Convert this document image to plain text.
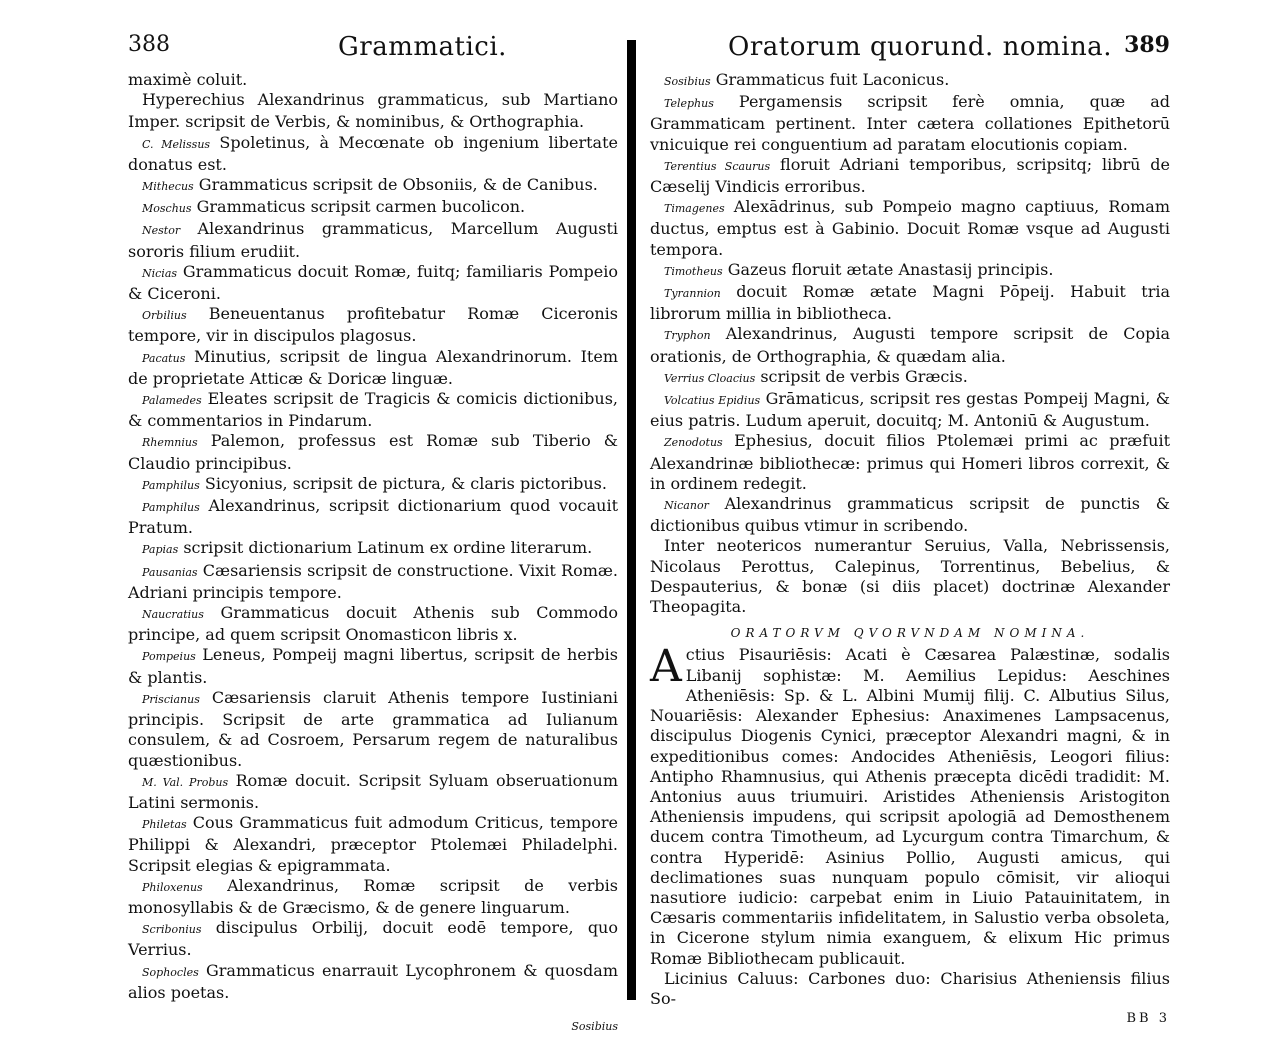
388	Grammatici.

maximè coluit.

Hyperechius Alexandrinus grammaticus, sub Martiano Imper. scripsit de Verbis, & nominibus, & Orthographia.

C. Melissus Spoletinus, à Mecœnate ob ingenium libertate donatus est.

Mithecus Grammaticus scripsit de Obsoniis, & de Canibus.

Moschus Grammaticus scripsit carmen bucolicon.

Nestor Alexandrinus grammaticus, Marcellum Augusti sororis filium erudiit.

Nicias Grammaticus docuit Romæ, fuitq; familiaris Pompeio & Ciceroni.

Orbilius Beneuentanus profitebatur Romæ Ciceronis tempore, vir in discipulos plagosus.

Pacatus Minutius, scripsit de lingua Alexandrinorum. Item de proprietate Atticæ & Doricæ linguæ.

Palamedes Eleates scripsit de Tragicis & comicis dictionibus, & commentarios in Pindarum.

Rhemnius Palemon, professus est Romæ sub Tiberio & Claudio principibus.

Pamphilus Sicyonius, scripsit de pictura, & claris pictoribus.

Pamphilus Alexandrinus, scripsit dictionarium quod vocauit Pratum.

Papias scripsit dictionarium Latinum ex ordine literarum.

Pausanias Cæsariensis scripsit de constructione. Vixit Romæ. Adriani principis tempore.

Naucratius Grammaticus docuit Athenis sub Commodo principe, ad quem scripsit Onomasticon libris x.

Pompeius Leneus, Pompeij magni libertus, scripsit de herbis & plantis.

Priscianus Cæsariensis claruit Athenis tempore Iustiniani principis. Scripsit de arte grammatica ad Iulianum consulem, & ad Cosroem, Persarum regem de naturalibus quæstionibus.

M. Val. Probus Romæ docuit. Scripsit Syluam obseruationum Latini sermonis.

Philetas Cous Grammaticus fuit admodum Criticus, tempore Philippi & Alexandri, præceptor Ptolemæi Philadelphi. Scripsit elegias & epigrammata.

Philoxenus Alexandrinus, Romæ scripsit de verbis monosyllabis & de Græcismo, & de genere linguarum.

Scribonius discipulus Orbilij, docuit eodē tempore, quo Verrius.

Sophocles Grammaticus enarrauit Lycophronem & quosdam alios poetas.

Sosibius
Oratorum quorund. nomina. 389

Sosibius Grammaticus fuit Laconicus.

Telephus Pergamensis scripsit ferè omnia, quæ ad Grammaticam pertinent. Inter cætera collationes Epithetorū vnicuique rei conguentium ad paratam elocutionis copiam.

Terentius Scaurus floruit Adriani temporibus, scripsitq; librū de Cæselij Vindicis erroribus.

Timagenes Alexādrinus, sub Pompeio magno captiuus, Romam ductus, emptus est à Gabinio. Docuit Romæ vsque ad Augusti tempora.

Timotheus Gazeus floruit ætate Anastasij principis.

Tyrannion docuit Romæ ætate Magni Pōpeij. Habuit tria librorum millia in bibliotheca.

Tryphon Alexandrinus, Augusti tempore scripsit de Copia orationis, de Orthographia, & quædam alia.

Verrius Cloacius scripsit de verbis Græcis.

Volcatius Epidius Grāmaticus, scripsit res gestas Pompeij Magni, & eius patris. Ludum aperuit, docuitq; M. Antoniū & Augustum.

Zenodotus Ephesius, docuit filios Ptolemæi primi ac præfuit Alexandrinæ bibliothecæ: primus qui Homeri libros correxit, & in ordinem redegit.

Nicanor Alexandrinus grammaticus scripsit de punctis & dictionibus quibus vtimur in scribendo.

Inter neotericos numerantur Seruius, Valla, Nebrissensis, Nicolaus Perottus, Calepinus, Torrentinus, Bebelius, & Despauterius, & bonæ (si diis placet) doctrinæ Alexander Theopagita.

ORATORVM QVORVNDAM NOMINA.

Actius Pisauriēsis: Acati è Cæsarea Palæstinæ, sodalis Libanij sophistæ: M. Aemilius Lepidus: Aeschines Atheniēsis: Sp. & L. Albini Mumij filij. C. Albutius Silus, Nouariēsis: Alexander Ephesius: Anaximenes Lampsacenus, discipulus Diogenis Cynici, præceptor Alexandri magni, & in expeditionibus comes: Andocides Atheniēsis, Leogori filius: Antipho Rhamnusius, qui Athenis præcepta dicēdi tradidit: M. Antonius auus triumuiri. Aristides Atheniensis Aristogiton Atheniensis impudens, qui scripsit apologiā ad Demosthenem ducem contra Timotheum, ad Lycurgum contra Timarchum, & contra Hyperidē: Asinius Pollio, Augusti amicus, qui declimationes suas nunquam populo cōmisit, vir alioqui nasutiore iudicio: carpebat enim in Liuio Patauinitatem, in Cæsaris commentariis infidelitatem, in Salustio verba obsoleta, in Cicerone stylum nimia exanguem, & elixum Hic primus Romæ Bibliothecam publicauit.

Licinius Caluus: Carbones duo: Charisius Atheniensis filius So-

BB 3
